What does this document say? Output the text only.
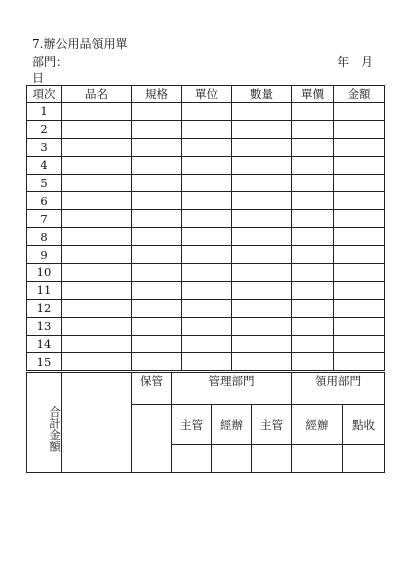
7.辦公用品領用單
部門：	年 月
日
項次	品名	規格	單位	數量	單價	金額
1						
2						
3						
4						
5						
6						
7						
8						
9						
10						
11						
12						
13						
14						
15						
合計金額		保管	管理部門			領用部門	
			主管	經辦	主管	經辦	點收
